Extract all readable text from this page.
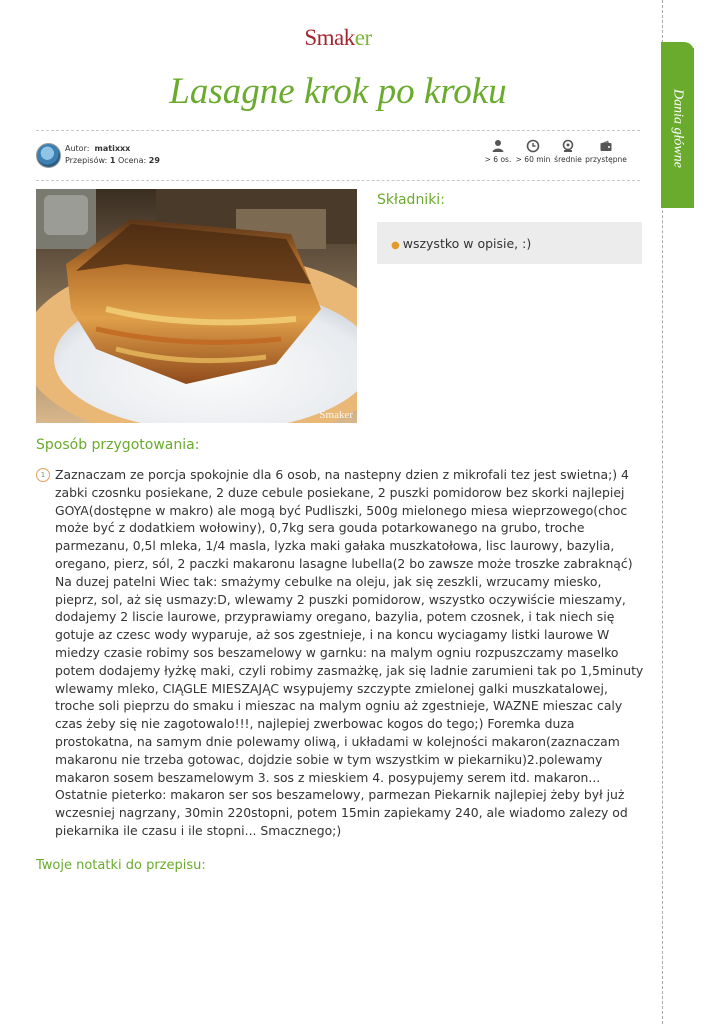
Smaker
Lasagne krok po kroku	Dania główne
Autor: matixxx
Przepisów: 1 Ocena: 29	> 6 os. > 60 min średnie przystępne
Smaker
Składniki:
● wszystko w opisie, :)
Sposób przygotowania:
1 Zaznaczam ze porcja spokojnie dla 6 osob, na nastepny dzien z mikrofali tez jest swietna;) 4 zabki czosnku posiekane, 2 duze cebule posiekane, 2 puszki pomidorow bez skorki najlepiej GOYA(dostępne w makro) ale mogą być Pudliszki, 500g mielonego miesa wieprzowego(choc może być z dodatkiem wołowiny), 0,7kg sera gouda potarkowanego na grubo, troche parmezanu, 0,5l mleka, 1/4 masla, lyzka maki gałaka muszkatołowa, lisc laurowy, bazylia, oregano, pierz, sól, 2 paczki makaronu lasagne lubella(2 bo zawsze może troszke zabraknąć) Na duzej patelni Wiec tak: smażymy cebulke na oleju, jak się zeszkli, wrzucamy miesko, pieprz, sol, aż się usmazy:D, wlewamy 2 puszki pomidorow, wszystko oczywiście mieszamy, dodajemy 2 liscie laurowe, przyprawiamy oregano, bazylia, potem czosnek, i tak niech się gotuje az czesc wody wyparuje, aż sos zgestnieje, i na koncu wyciagamy listki laurowe W miedzy czasie robimy sos beszamelowy w garnku: na malym ogniu rozpuszczamy maselko potem dodajemy łyżkę maki, czyli robimy zasmażkę, jak się ladnie zarumieni tak po 1,5minuty wlewamy mleko, CIĄGLE MIESZAJĄC wsypujemy szczypte zmielonej galki muszkatalowej, troche soli pieprzu do smaku i mieszac na malym ogniu aż zgestnieje, WAZNE mieszac caly czas żeby się nie zagotowalo!!!, najlepiej zwerbowac kogos do tego;) Foremka duza prostokatna, na samym dnie polewamy oliwą, i układami w kolejności makaron(zaznaczam makaronu nie trzeba gotowac, dojdzie sobie w tym wszystkim w piekarniku)2.polewamy makaron sosem beszamelowym 3. sos z mieskiem 4. posypujemy serem itd. makaron... Ostatnie pieterko: makaron ser sos beszamelowy, parmezan Piekarnik najlepiej żeby był już wczesniej nagrzany, 30min 220stopni, potem 15min zapiekamy 240, ale wiadomo zalezy od piekarnika ile czasu i ile stopni... Smacznego;)
Twoje notatki do przepisu:
